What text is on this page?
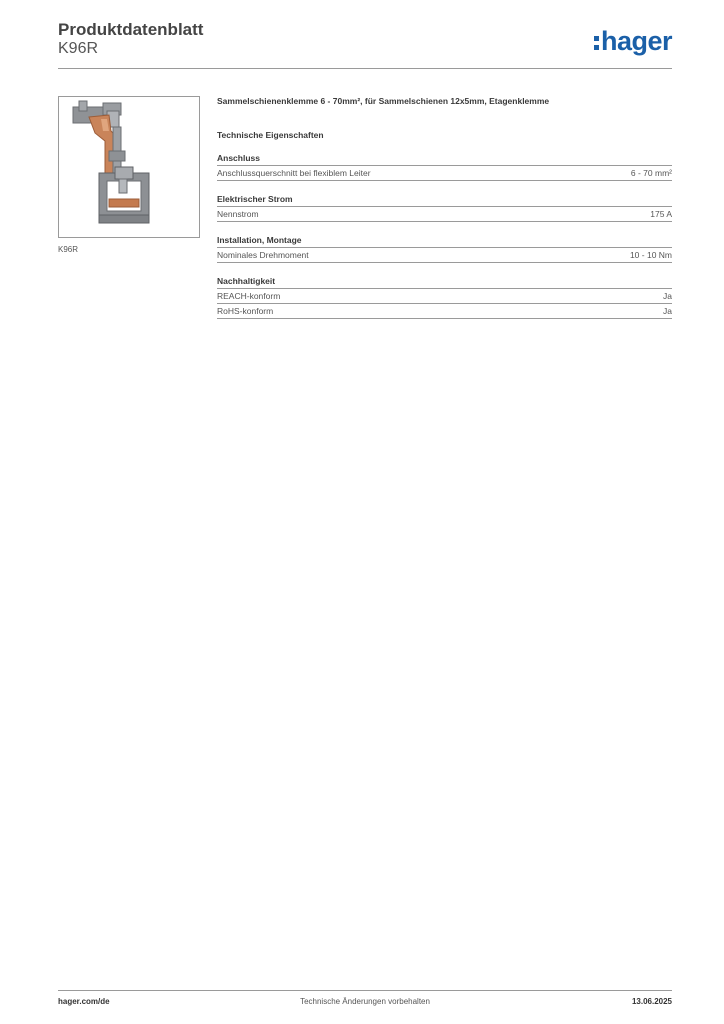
Produktdatenblatt
K96R	hager
K96R
Sammelschienenklemme 6 - 70mm², für Sammelschienen 12x5mm, Etagenklemme
Technische Eigenschaften
Anschluss
Anschlussquerschnitt bei flexiblem Leiter	6 - 70 mm²
Elektrischer Strom
Nennstrom	175 A
Installation, Montage
Nominales Drehmoment	10 - 10 Nm
Nachhaltigkeit
REACH-konform	Ja
RoHS-konform	Ja
hager.com/de	Technische Änderungen vorbehalten	13.06.2025
